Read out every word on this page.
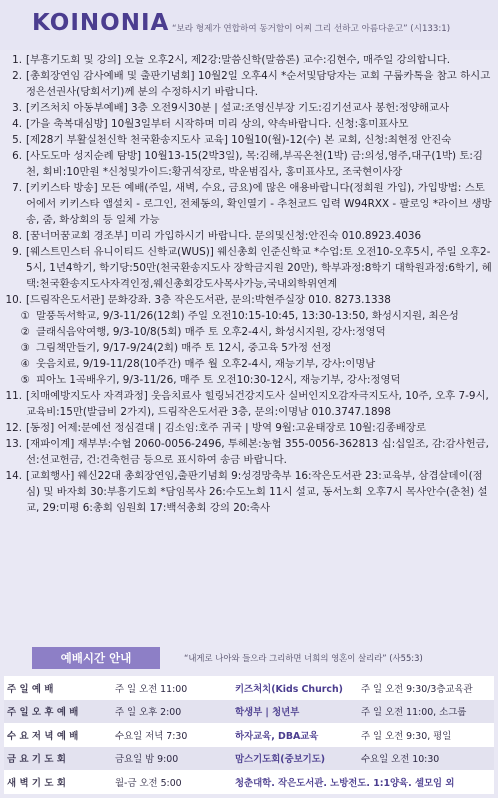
KOINONIA “보라 형제가 연합하여 동거함이 어찌 그리 선하고 아름다운고” (시133:1)
1. [부흥기도회 및 강의] 오늘 오후2시, 제2강:말씀신학(말씀론) 교수:김현수, 매주일 강의합니다.
2. [총회장연임 감사예배 및 출판기념회] 10월2일 오후4시 *순서및담당자는 교회 구룹카톡을 참고 하시고 정은선권사(당회서기)께 분의 수정하시기 바랍니다.
3. [키즈처치 아동부예배] 3층 오전9시30분 | 설교:조영신부장 기도:김기선교사 봉헌:정양해교사
4. [가을 축복대심방] 10월3일부터 시작하며 미리 상의, 약속바랍니다. 신청:홍미표사모
5. [제28기 부활실천신학 천국환송지도사 교육] 10월10(월)-12(수) 본 교회, 신청:최현정 안진숙
6. [사도도마 성지순례 탐방] 10월13-15(2박3일), 목:김해,부곡온천(1박) 금:의성,영주,대구(1박) 토:김천, 회비:10만원 *신청및가이드:황귀석장로, 박운범집사, 홍미표사모, 조국현이사장
7. [키키스타 방송] 모든 예배(주일, 새벽, 수요, 금요)에 많은 애용바랍니다(정희원 가입), 가입방법: 스토어에서 키키스타 앱설치 - 로그인, 전체동의, 확인열기 - 추천코드 입력 W94RXX - 팔로잉 *라이브 생방송, 줌, 화상회의 등 일체 가능
8. [꿈너머꿈교회 경조부] 미리 가입하시기 바랍니다. 문의및신청:안진숙 010.8923.4036
9. [웨스트민스터 유니이티드 신학교(WUS)] 웨신총회 인준신학교 *수업:토 오전10-오후5시, 주일 오후2-5시, 1년4학기, 학기당:50만(천국환송지도사 장학금지원 20만), 학부과정:8학기 대학원과정:6학기, 혜택:천국환송지도사자격인정,웨신총회강도사목사가능,국내외학위연계
10. [드림작은도서관] 문화강좌. 3층 작은도서관, 문의:박현주실장 010. 8273.1338
① 말풍독서학교, 9/3-11/26(12회) 주일 오전10:15-10:45, 13:30-13:50, 화성시지원, 최은성
② 클래식음악여행, 9/3-10/8(5회) 매주 토 오후2-4시, 화성시지원, 강사:정영덕
③ 그림책만들기, 9/17-9/24(2회) 매주 토 12시, 중고육 5가정 선정
④ 웃음치료, 9/19-11/28(10주간) 매주 월 오후2-4시, 재능기부, 강사:이명남
⑤ 피아노 1곡배우기, 9/3-11/26, 매주 토 오전10:30-12시, 재능기부, 강사:정영덕
11. [치매예방지도사 자격과정] 웃음치료사 힐링뇌건강지도사 실버인지오감자극지도사, 10주, 오후 7-9시, 교육비:15만(발급비 2가지), 드림작은도서관 3층, 문의:이명남 010.3747.1898
12. [동정] 어제:문예선 정심결대 | 김소임:호주 귀국 | 방역 9월:고윤태장로 10월:김종배장로
13. [재파이계] 재부부:수협 2060-0056-2496, 투헤본:농협 355-0056-362813 십:십일조, 감:감사헌금, 선:선교헌금, 건:건축헌금 등으로 표시하여 송금 바랍니다.
14. [교회행사] 웨신22대 총회장연임,출판기념회 9:성경망축부 16:작은도서관 23:교육부, 삼겹살데이(점심) 및 바자회 30:부흥기도회 *담임목사 26:수도노회 11시 설교, 동서노회 오후7시 목사안수(춘천) 설교, 29:미평 6:총회 임원회 17:백석총회 강의 20:축사
예배시간 안내	“내게로 나아와 들으라 그리하면 너희의 영혼이 살리라” (사55:3)
주일예배	주 일 오전 11:00	키즈처치(Kids Church)	주 일 오전 9:30/3층교육관
주일오후예배	주 일 오후 2:00	학생부 | 청년부	주 일 오전 11:00, 소그룹
수요저녁예배	수요일 저녁 7:30	하자교육, DBA교육	주 일 오전 9:30, 평일
금요기도회	금요일 밤 9:00	맘스기도회(중보기도)	수요일 오전 10:30
새벽기도회	월-금 오전 5:00	청춘대학. 작은도서관. 노방전도. 1:1양육. 셀모임 외	
